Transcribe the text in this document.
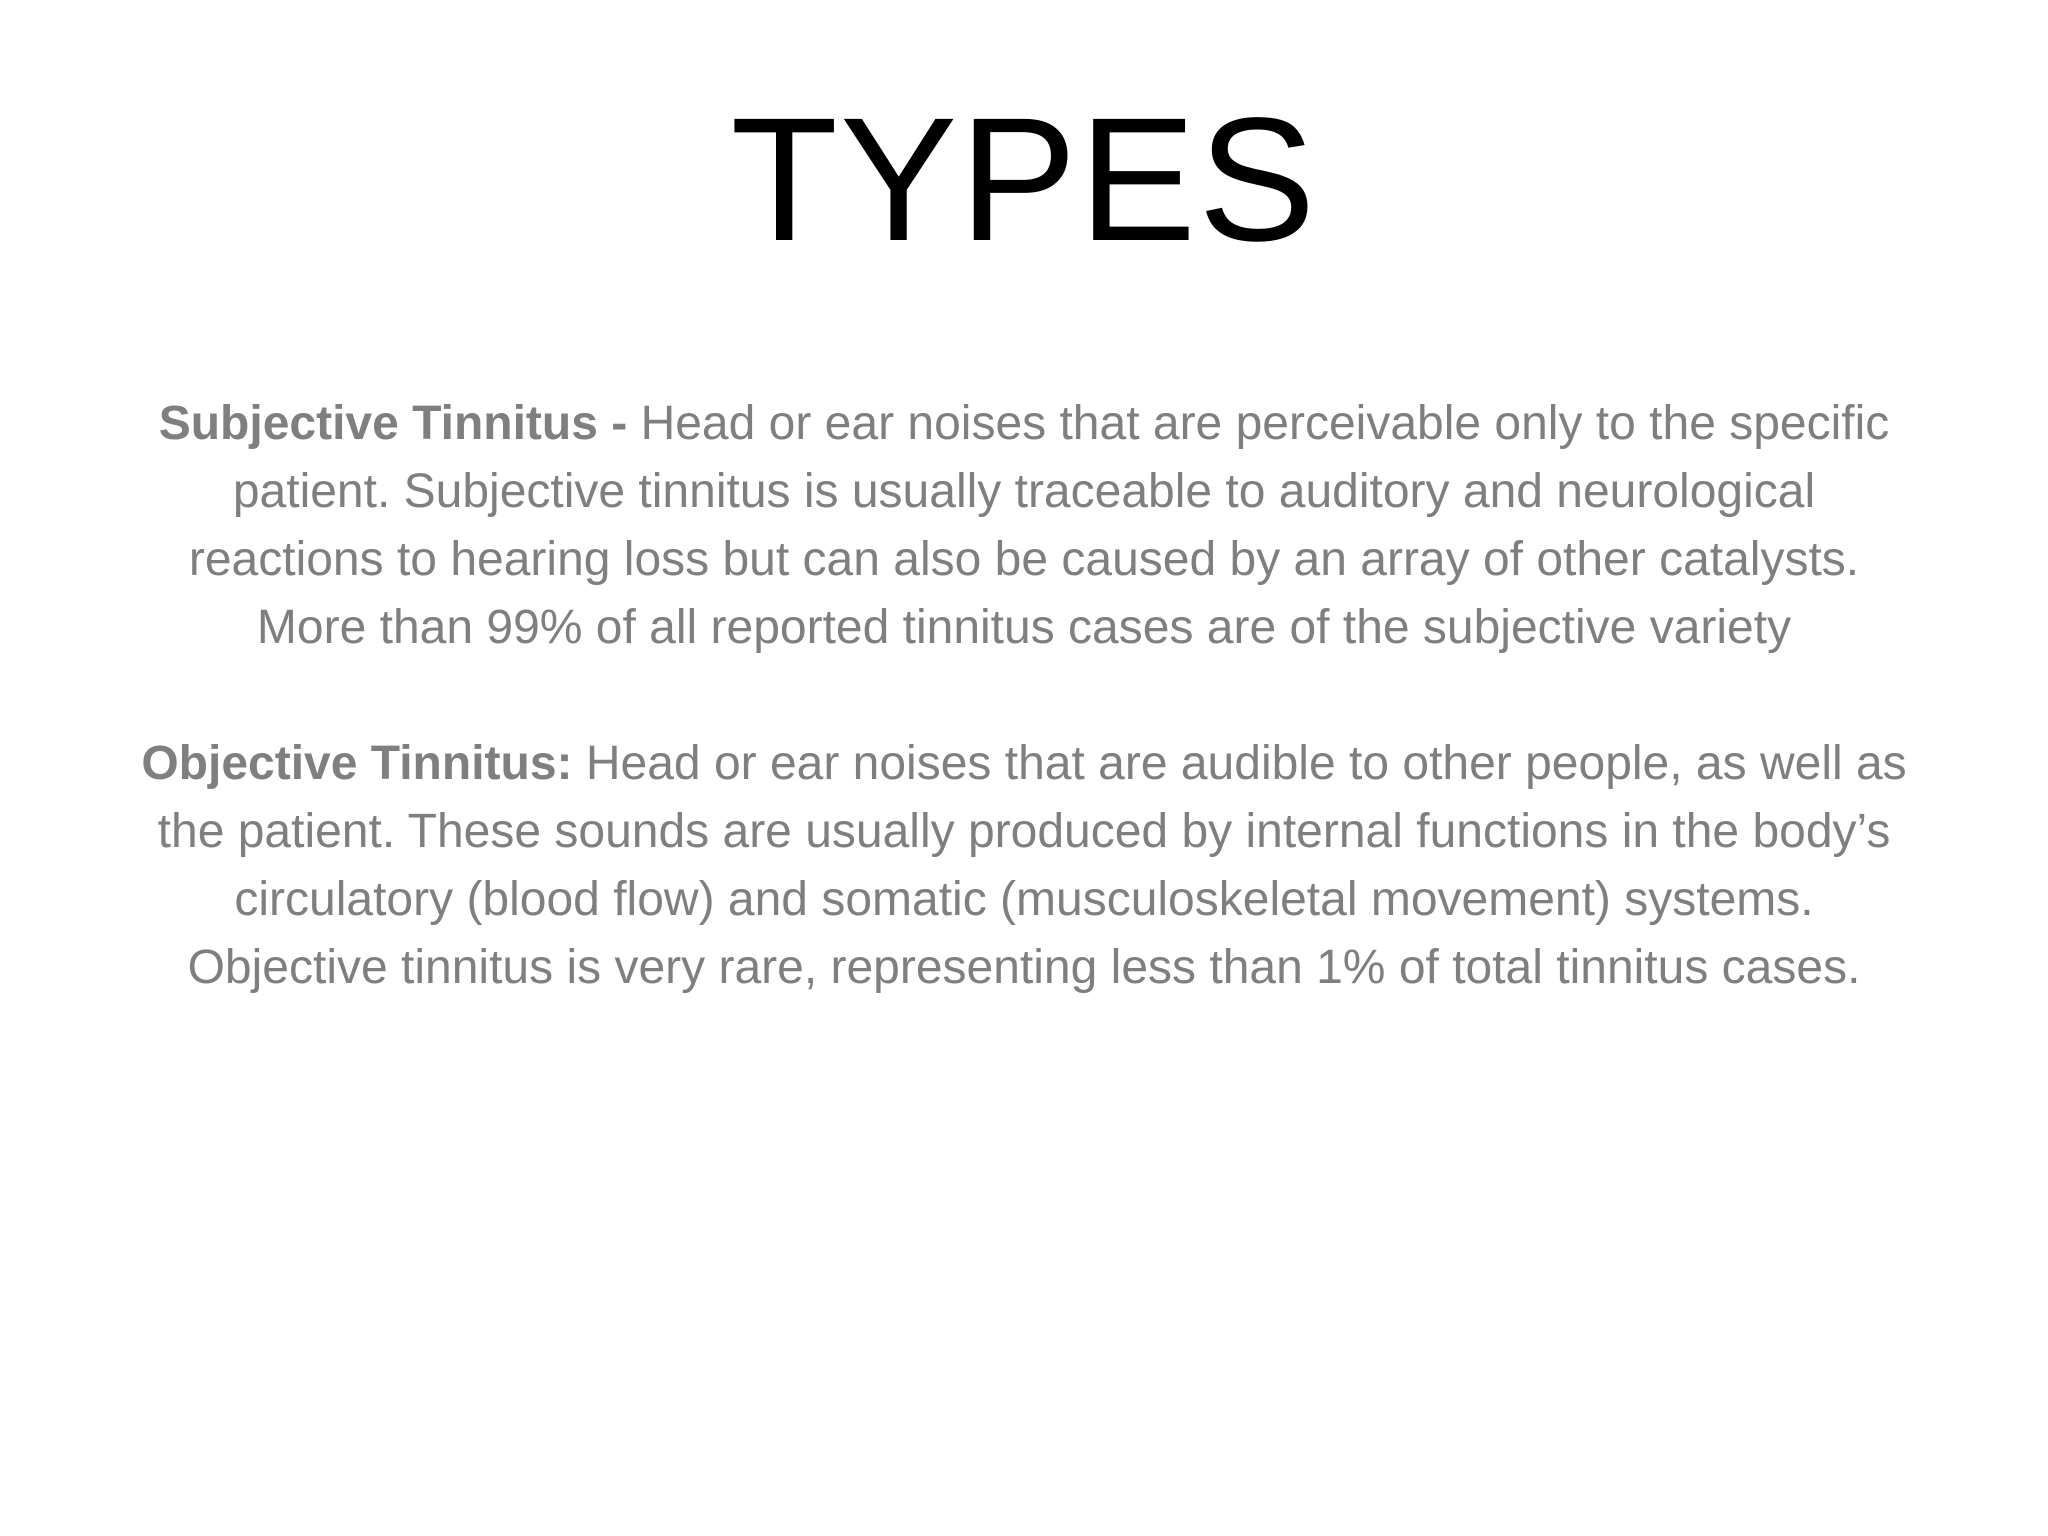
TYPES

Subjective Tinnitus - Head or ear noises that are perceivable only to the specific patient. Subjective tinnitus is usually traceable to auditory and neurological reactions to hearing loss but can also be caused by an array of other catalysts. More than 99% of all reported tinnitus cases are of the subjective variety

Objective Tinnitus: Head or ear noises that are audible to other people, as well as the patient. These sounds are usually produced by internal functions in the body’s circulatory (blood flow) and somatic (musculoskeletal movement) systems. Objective tinnitus is very rare, representing less than 1% of total tinnitus cases.
